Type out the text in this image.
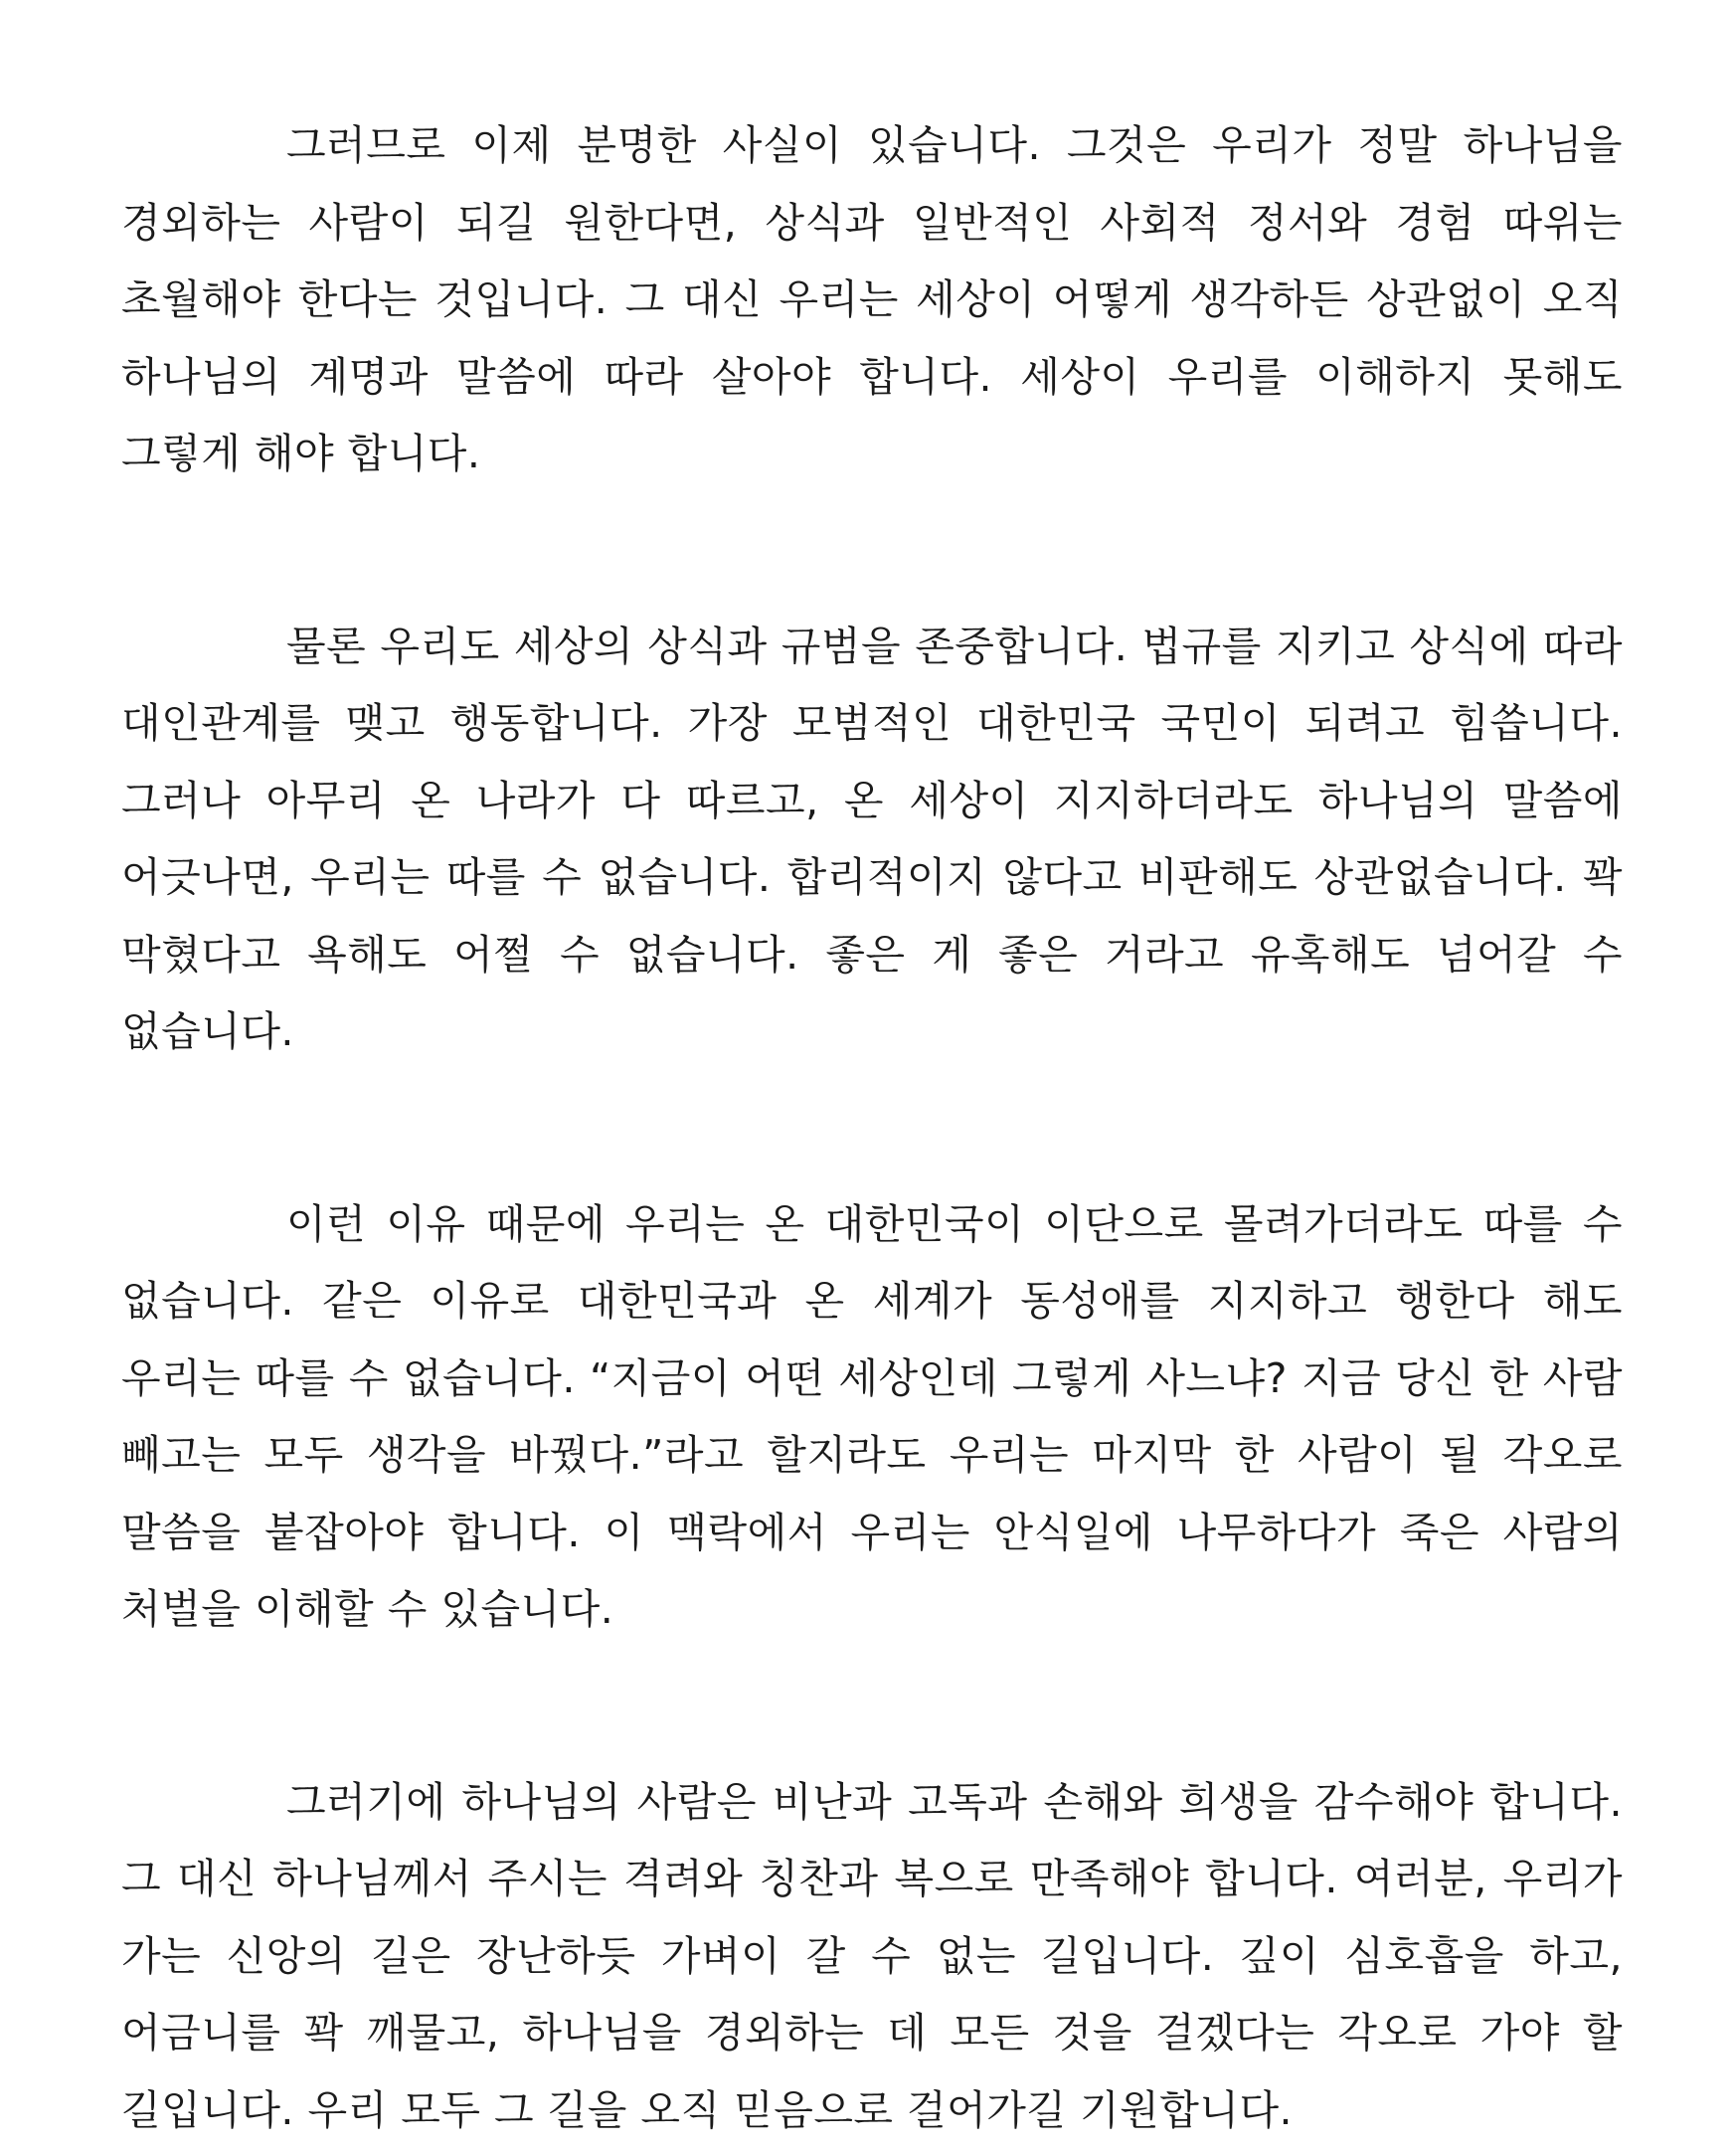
그러므로 이제 분명한 사실이 있습니다. 그것은 우리가 정말 하나님을 경외하는 사람이 되길 원한다면, 상식과 일반적인 사회적 정서와 경험 따위는 초월해야 한다는 것입니다. 그 대신 우리는 세상이 어떻게 생각하든 상관없이 오직 하나님의 계명과 말씀에 따라 살아야 합니다. 세상이 우리를 이해하지 못해도 그렇게 해야 합니다.

물론 우리도 세상의 상식과 규범을 존중합니다. 법규를 지키고 상식에 따라 대인관계를 맺고 행동합니다. 가장 모범적인 대한민국 국민이 되려고 힘씁니다. 그러나 아무리 온 나라가 다 따르고, 온 세상이 지지하더라도 하나님의 말씀에 어긋나면, 우리는 따를 수 없습니다. 합리적이지 않다고 비판해도 상관없습니다. 꽉 막혔다고 욕해도 어쩔 수 없습니다. 좋은 게 좋은 거라고 유혹해도 넘어갈 수 없습니다.

이런 이유 때문에 우리는 온 대한민국이 이단으로 몰려가더라도 따를 수 없습니다. 같은 이유로 대한민국과 온 세계가 동성애를 지지하고 행한다 해도 우리는 따를 수 없습니다. “지금이 어떤 세상인데 그렇게 사느냐? 지금 당신 한 사람 빼고는 모두 생각을 바꿨다.”라고 할지라도 우리는 마지막 한 사람이 될 각오로 말씀을 붙잡아야 합니다. 이 맥락에서 우리는 안식일에 나무하다가 죽은 사람의 처벌을 이해할 수 있습니다.

그러기에 하나님의 사람은 비난과 고독과 손해와 희생을 감수해야 합니다. 그 대신 하나님께서 주시는 격려와 칭찬과 복으로 만족해야 합니다. 여러분, 우리가 가는 신앙의 길은 장난하듯 가벼이 갈 수 없는 길입니다. 깊이 심호흡을 하고, 어금니를 꽉 깨물고, 하나님을 경외하는 데 모든 것을 걸겠다는 각오로 가야 할 길입니다. 우리 모두 그 길을 오직 믿음으로 걸어가길 기원합니다.
